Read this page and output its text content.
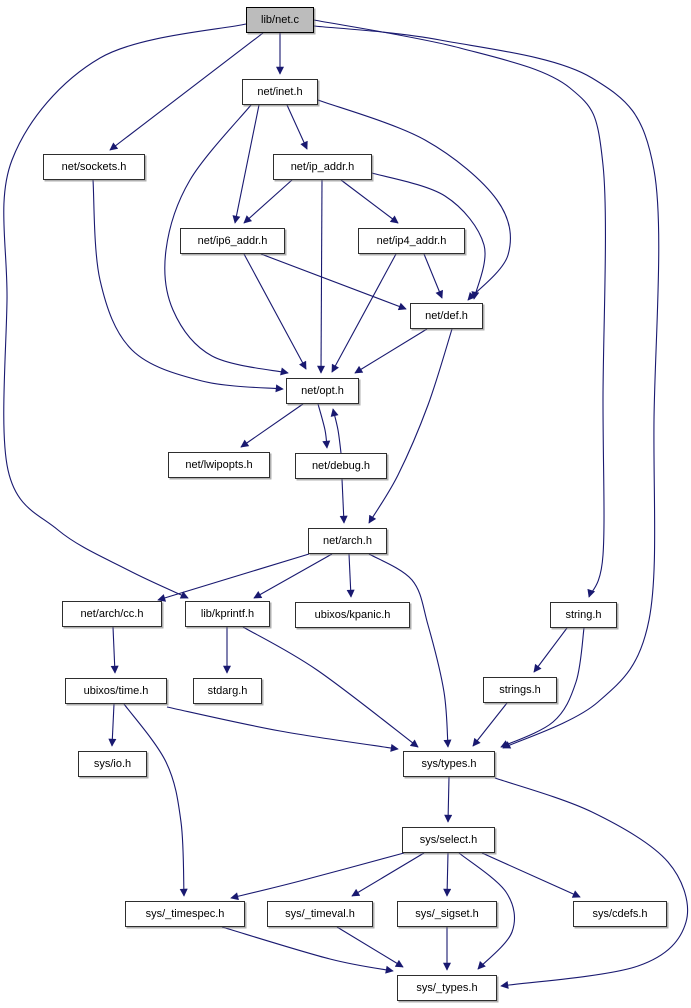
lib/net.c
net/inet.h
net/sockets.h	net/ip_addr.h
net/ip6_addr.h	net/ip4_addr.h
net/def.h
net/opt.h
net/lwipopts.h	net/debug.h
net/arch.h
net/arch/cc.h	lib/kprintf.h	ubixos/kpanic.h	string.h
ubixos/time.h	stdarg.h	strings.h
sys/io.h	sys/types.h
sys/select.h
sys/_timespec.h	sys/_timeval.h	sys/_sigset.h	sys/cdefs.h
sys/_types.h
